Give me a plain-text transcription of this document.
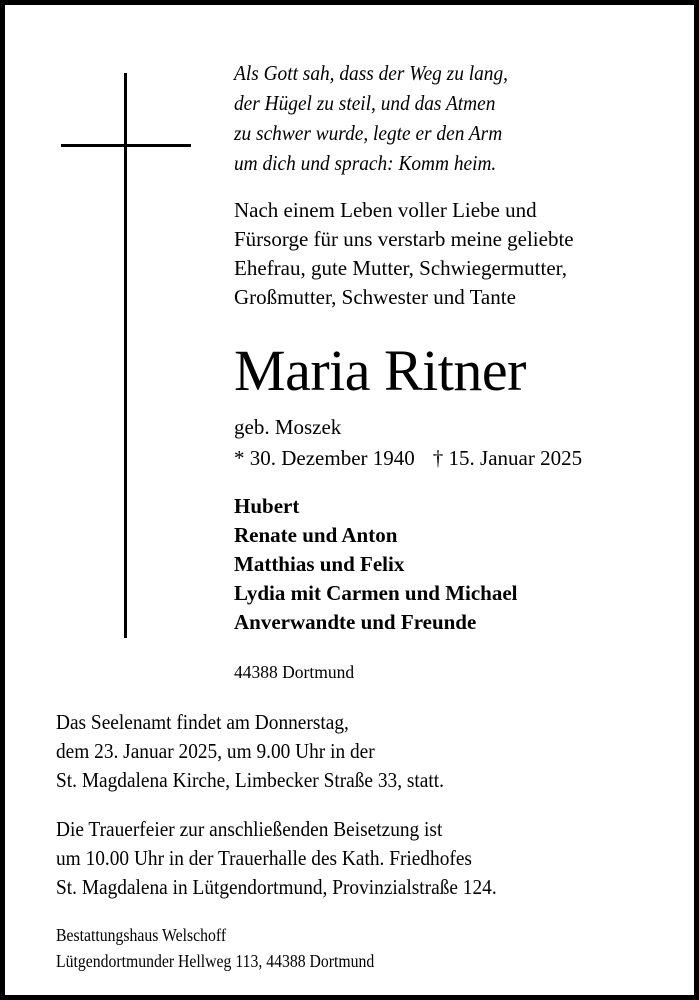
Als Gott sah, dass der Weg zu lang,
der Hügel zu steil, und das Atmen
zu schwer wurde, legte er den Arm
um dich und sprach: Komm heim.
Nach einem Leben voller Liebe und
Fürsorge für uns verstarb meine geliebte
Ehefrau, gute Mutter, Schwiegermutter,
Großmutter, Schwester und Tante
Maria Ritner
geb. Moszek
* 30. Dezember 1940 † 15. Januar 2025
Hubert
Renate und Anton
Matthias und Felix
Lydia mit Carmen und Michael
Anverwandte und Freunde
44388 Dortmund
Das Seelenamt findet am Donnerstag,
dem 23. Januar 2025, um 9.00 Uhr in der
St. Magdalena Kirche, Limbecker Straße 33, statt.
Die Trauerfeier zur anschließenden Beisetzung ist
um 10.00 Uhr in der Trauerhalle des Kath. Friedhofes
St. Magdalena in Lütgendortmund, Provinzialstraße 124.
Bestattungshaus Welschoff
Lütgendortmunder Hellweg 113, 44388 Dortmund
